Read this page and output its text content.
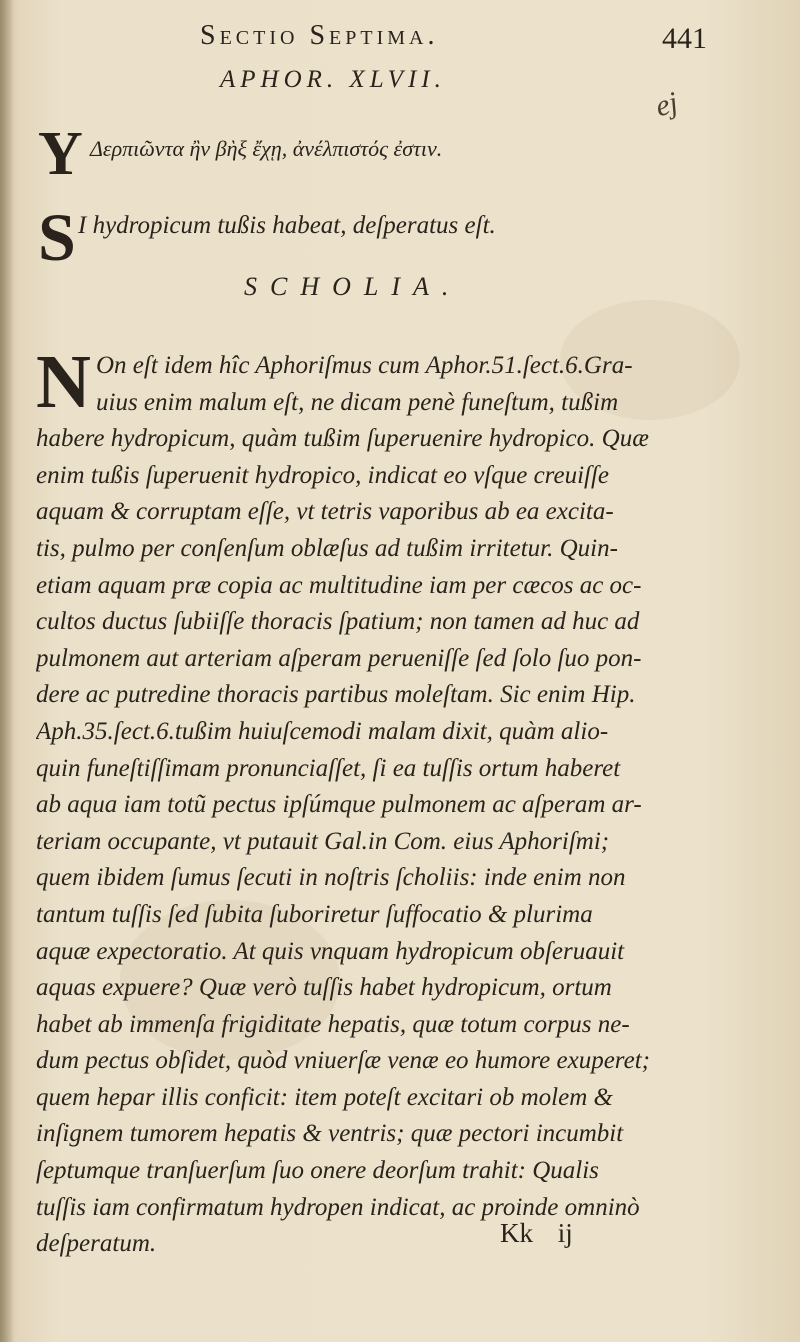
Sectio Septima.	441
APHOR. XLVII.
ej
Y Δερπιῶντα ἢν βὴξ ἔχῃ, ἀνέλπιστός ἐστιν.
S I hydropicum tußis habeat, deſperatus eſt.
SCHOLIA.
N On eſt idem hîc Aphoriſmus cum Aphor.51.ſect.6.Gra-
uius enim malum eſt, ne dicam penè funeſtum, tußim
habere hydropicum, quàm tußim ſuperuenire hydropico. Quæ
enim tußis ſuperuenit hydropico, indicat eo vſque creuiſſe
aquam & corruptam eſſe, vt tetris vaporibus ab ea excita-
tis, pulmo per conſenſum oblæſus ad tußim irritetur. Quin-
etiam aquam præ copia ac multitudine iam per cæcos ac oc-
cultos ductus ſubiiſſe thoracis ſpatium; non tamen ad huc ad
pulmonem aut arteriam aſperam perueniſſe ſed ſolo ſuo pon-
dere ac putredine thoracis partibus moleſtam. Sic enim Hip.
Aph.35.ſect.6.tußim huiuſcemodi malam dixit, quàm alio-
quin funeſtiſſimam pronunciaſſet, ſi ea tuſſis ortum haberet
ab aqua iam totũ pectus ipſúmque pulmonem ac aſperam ar-
teriam occupante, vt putauit Gal.in Com. eius Aphoriſmi;
quem ibidem ſumus ſecuti in noſtris ſcholiis: inde enim non
tantum tuſſis ſed ſubita ſuboriretur ſuffocatio & plurima
aquæ expectoratio. At quis vnquam hydropicum obſeruauit
aquas expuere? Quæ verò tuſſis habet hydropicum, ortum
habet ab immenſa frigiditate hepatis, quæ totum corpus ne-
dum pectus obſidet, quòd vniuerſæ venæ eo humore exuperet;
quem hepar illis conficit: item poteſt excitari ob molem &
inſignem tumorem hepatis & ventris; quæ pectori incumbit
ſeptumque tranſuerſum ſuo onere deorſum trahit: Qualis
tuſſis iam confirmatum hydropen indicat, ac proinde omninò
deſperatum.	Kk ij
